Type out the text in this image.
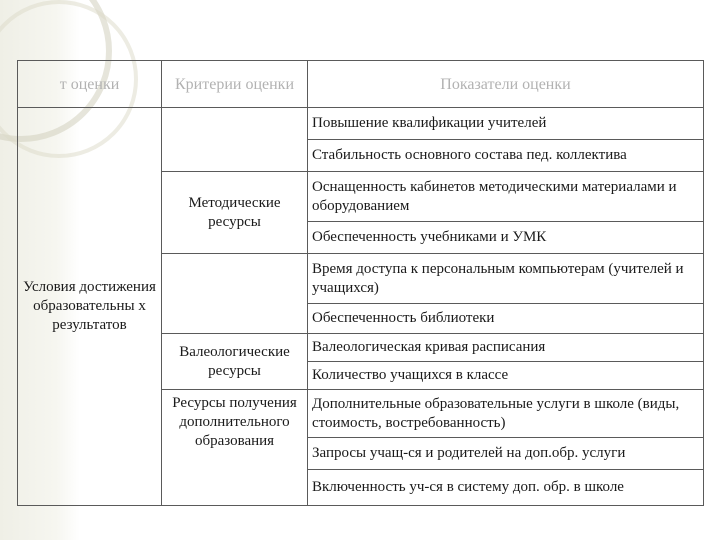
т оценки	Критерии оценки	Показатели оценки
Условия достижения образовательны х результатов		Повышение квалификации учителей
		Стабильность основного состава пед. коллектива
	Методические ресурсы	Оснащенность кабинетов методическими материалами и оборудованием
		Обеспеченность учебниками и УМК
		Время доступа к персональным компьютерам (учителей и учащихся)
		Обеспеченность библиотеки
	Валеологические ресурсы	Валеологическая кривая расписания
		Количество учащихся в классе
	Ресурсы получения дополнительного образования	Дополнительные образовательные услуги в школе (виды, стоимость, востребованность)
		Запросы учащ-ся и родителей на доп.обр. услуги
		Включенность уч-ся в систему доп. обр. в школе
